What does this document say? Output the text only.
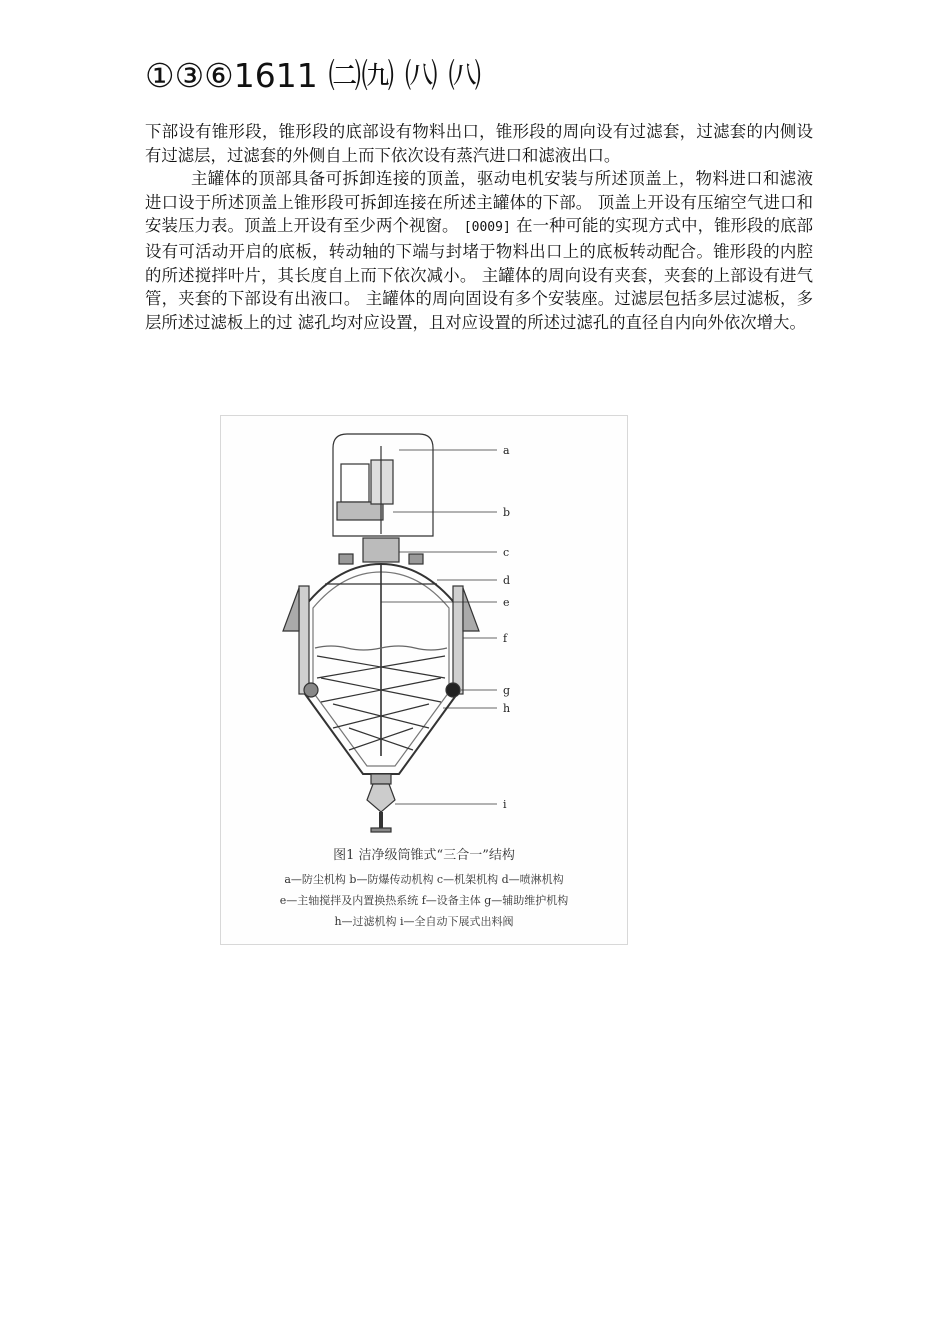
①③⑥1611 ㈡㈨ ㈧ ㈧

下部设有锥形段，锥形段的底部设有物料出口，锥形段的周向设有过滤套，过滤套的内侧设有过滤层，过滤套的外侧自上而下依次设有蒸汽进口和滤液出口。

主罐体的顶部具备可拆卸连接的顶盖，驱动电机安装与所述顶盖上，物料进口和滤液进口设于所述顶盖上锥形段可拆卸连接在所述主罐体的下部。 顶盖上开设有压缩空气进口和安装压力表。顶盖上开设有至少两个视窗。 [0009] 在一种可能的实现方式中，锥形段的底部设有可活动开启的底板，转动轴的下端与封堵于物料出口上的底板转动配合。锥形段的内腔的所述搅拌叶片，其长度自上而下依次减小。 主罐体的周向设有夹套，夹套的上部设有进气管，夹套的下部设有出液口。 主罐体的周向固设有多个安装座。过滤层包括多层过滤板，多层所述过滤板上的过 滤孔均对应设置，且对应设置的所述过滤孔的直径自内向外依次增大。

a
b
c
d
e
f
g
h
i
图1 洁净级筒锥式“三合一”结构
a—防尘机构 b—防爆传动机构 c—机架机构 d—喷淋机构
e—主轴搅拌及内置换热系统 f—设备主体 g—辅助维护机构
h—过滤机构 i—全自动下展式出料阀
